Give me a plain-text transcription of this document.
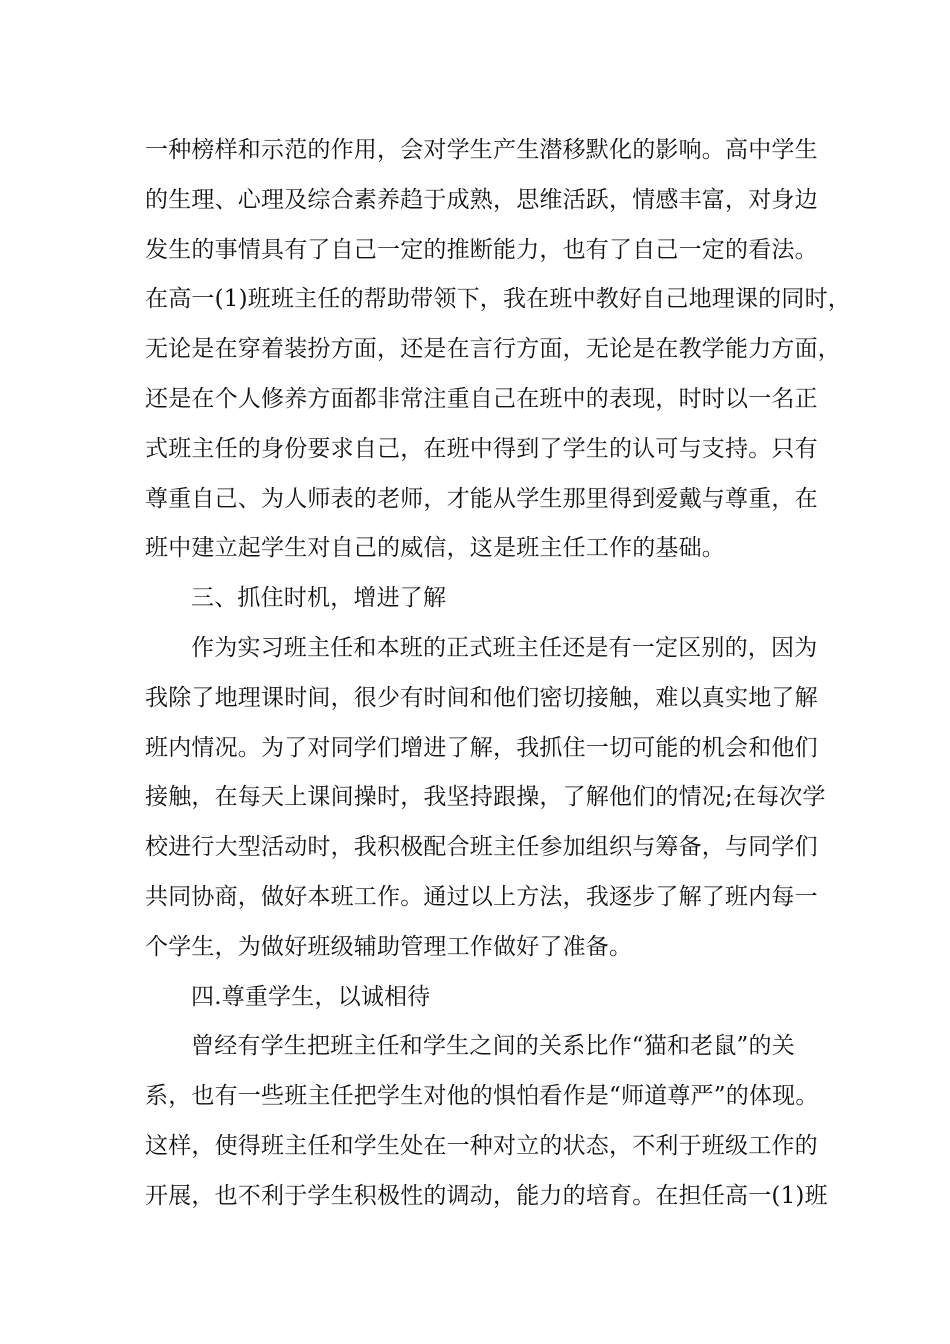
一种榜样和示范的作用，会对学生产生潜移默化的影响。高中学生
的生理、心理及综合素养趋于成熟，思维活跃，情感丰富，对身边
发生的事情具有了自己一定的推断能力，也有了自己一定的看法。
在高一(1)班班主任的帮助带领下，我在班中教好自己地理课的同时，
无论是在穿着装扮方面，还是在言行方面，无论是在教学能力方面，
还是在个人修养方面都非常注重自己在班中的表现，时时以一名正
式班主任的身份要求自己，在班中得到了学生的认可与支持。只有
尊重自己、为人师表的老师，才能从学生那里得到爱戴与尊重，在
班中建立起学生对自己的威信，这是班主任工作的基础。
三、抓住时机，增进了解
作为实习班主任和本班的正式班主任还是有一定区别的，因为
我除了地理课时间，很少有时间和他们密切接触，难以真实地了解
班内情况。为了对同学们增进了解，我抓住一切可能的机会和他们
接触，在每天上课间操时，我坚持跟操，了解他们的情况;在每次学
校进行大型活动时，我积极配合班主任参加组织与筹备，与同学们
共同协商，做好本班工作。通过以上方法，我逐步了解了班内每一
个学生，为做好班级辅助管理工作做好了准备。
四.尊重学生，以诚相待
曾经有学生把班主任和学生之间的关系比作“猫和老鼠”的关
系，也有一些班主任把学生对他的惧怕看作是“师道尊严”的体现。
这样，使得班主任和学生处在一种对立的状态，不利于班级工作的
开展，也不利于学生积极性的调动，能力的培育。在担任高一(1)班
